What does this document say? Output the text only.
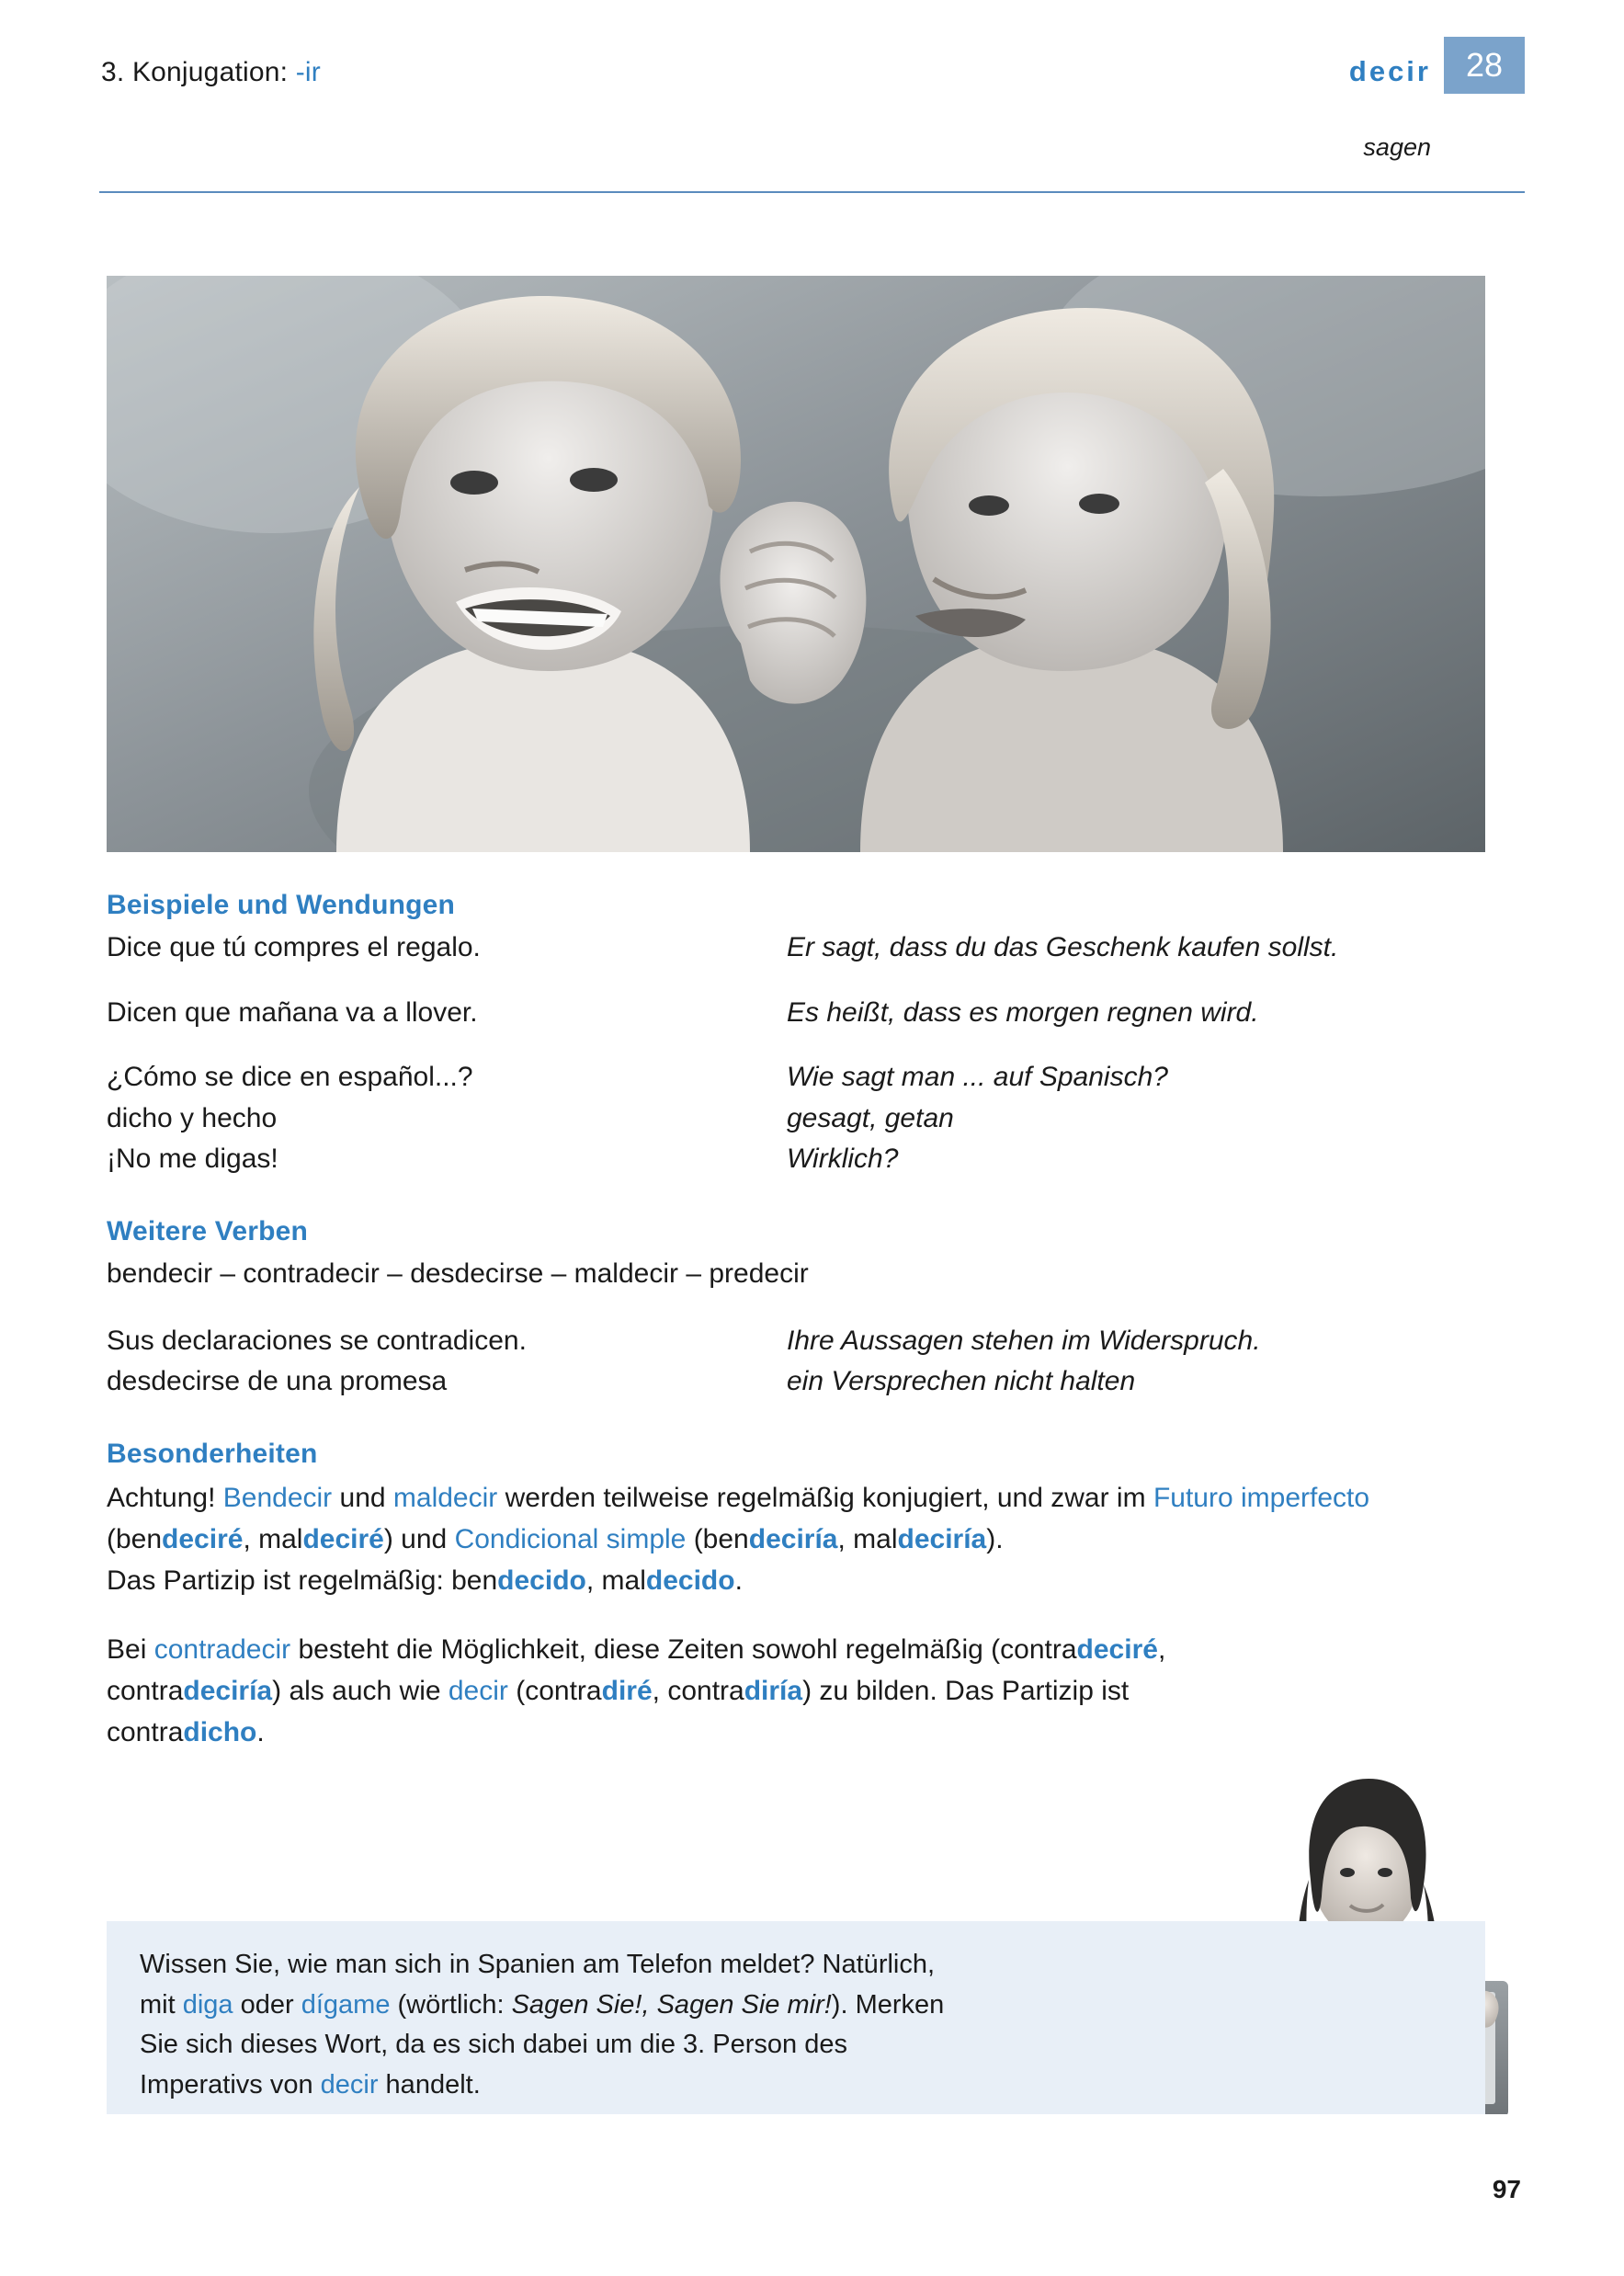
3. Konjugation: -ir	decir
sagen
28
Beispiele und Wendungen
Dice que tú compres el regalo.	Er sagt, dass du das Geschenk kaufen sollst.
Dicen que mañana va a llover.	Es heißt, dass es morgen regnen wird.
¿Cómo se dice en español...?	Wie sagt man ... auf Spanisch?
dicho y hecho	gesagt, getan
¡No me digas!	Wirklich?
Weitere Verben
bendecir – contradecir – desdecirse – maldecir – predecir
Sus declaraciones se contradicen.	Ihre Aussagen stehen im Widerspruch.
desdecirse de una promesa	ein Versprechen nicht halten
Besonderheiten
Achtung! Bendecir und maldecir werden teilweise regelmäßig konjugiert, und zwar im Futuro imperfecto (bendeciré, maldeciré) und Condicional simple (bendeciría, maldeciría).
Das Partizip ist regelmäßig: bendecido, maldecido.
Bei contradecir besteht die Möglichkeit, diese Zeiten sowohl regelmäßig (contradeciré, contradeciría) als auch wie decir (contradiré, contradiría) zu bilden. Das Partizip ist contradicho.

Wissen Sie, wie man sich in Spanien am Telefon meldet? Natürlich, mit diga oder dígame (wörtlich: Sagen Sie!, Sagen Sie mir!). Merken Sie sich dieses Wort, da es sich dabei um die 3. Person des Imperativs von decir handelt.

97
